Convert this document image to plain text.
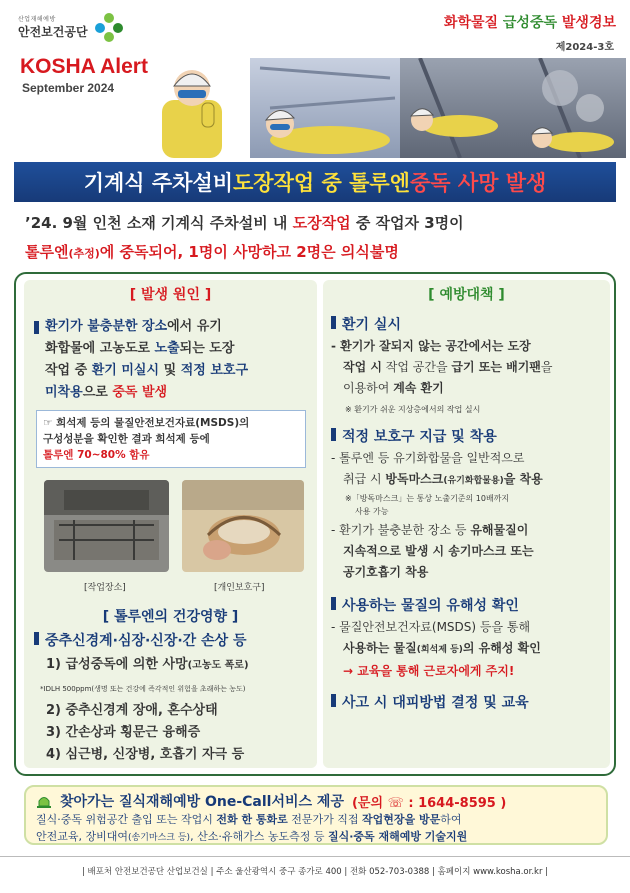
산업재해예방
안전보건공단
KOSHA Alert
September 2024
화학물질 급성중독 발생경보
제2024-3호
기계식 주차설비 도장작업 중 톨루엔 중독 사망 발생
’24. 9월 인천 소재 기계식 주차설비 내 도장작업 중 작업자 3명이
톨루엔(추정)에 중독되어, 1명이 사망하고 2명은 의식불명
[ 발생 원인 ]
환기가 불충분한 장소에서 유기
화합물에 고농도로 노출되는 도장
작업 중 환기 미실시 및 적정 보호구
미착용으로 중독 발생
☞ 희석제 등의 물질안전보건자료(MSDS)의
구성성분을 확인한 결과 희석제 등에
톨루엔 70~80% 함유
[작업장소]	[개인보호구]
[ 톨루엔의 건강영향 ]
중추신경계·심장·신장·간 손상 등
1) 급성중독에 의한 사망(고농도 폭로)
*IDLH 500ppm(생명 또는 건강에 즉각적인 위험을 초래하는 농도)
2) 중추신경계 장애, 혼수상태
3) 간손상과 횡문근 융해증
4) 심근병, 신장병, 호흡기 자극 등
[ 예방대책 ]
환기 실시
- 환기가 잘되지 않는 공간에서는 도장
작업 시 작업 공간을 급기 또는 배기팬을
이용하여 계속 환기
※ 환기가 쉬운 지상층에서의 작업 실시
적정 보호구 지급 및 착용
- 톨루엔 등 유기화합물을 일반적으로
취급 시 방독마스크(유기화합물용)을 착용
※「방독마스크」는 통상 노출기준의 10배까지
사용 가능
- 환기가 불충분한 장소 등 유해물질이
지속적으로 발생 시 송기마스크 또는
공기호흡기 착용
사용하는 물질의 유해성 확인
- 물질안전보건자료(MSDS) 등을 통해
사용하는 물질(희석제 등)의 유해성 확인
→ 교육을 통해 근로자에게 주지!
사고 시 대피방법 결정 및 교육
찾아가는 질식재해예방 One-Call서비스 제공 (문의 ☏ : 1644-8595 )
질식·중독 위험공간 출입 또는 작업시 전화 한 통화로 전문가가 직접 작업현장을 방문하여
안전교육, 장비대여(송기마스크 등), 산소·유해가스 농도측정 등 질식·중독 재해예방 기술지원
| 배포처 안전보건공단 산업보건실 | 주소 울산광역시 중구 종가로 400 | 전화 052-703-0388 | 홈페이지 www.kosha.or.kr |
